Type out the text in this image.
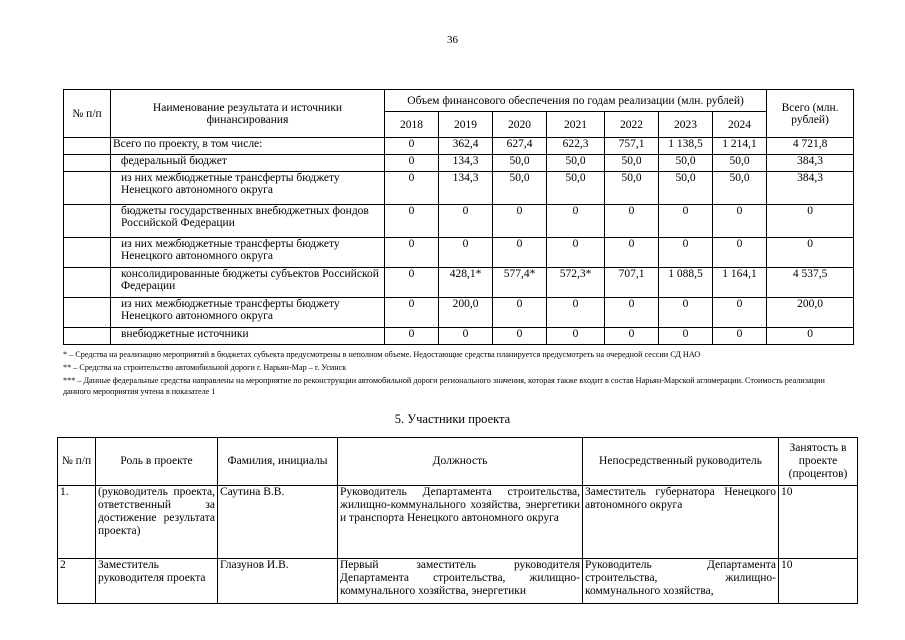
36
№ п/п	Наименование результата и источники финансирования	Объем финансового обеспечения по годам реализации (млн. рублей)							Всего (млн. рублей)
		2018	2019	2020	2021	2022	2023	2024	
	Всего по проекту, в том числе:	0	362,4	627,4	622,3	757,1	1 138,5	1 214,1	4 721,8
	федеральный бюджет	0	134,3	50,0	50,0	50,0	50,0	50,0	384,3
	из них межбюджетные трансферты бюджету Ненецкого автономного округа	0	134,3	50,0	50,0	50,0	50,0	50,0	384,3
	бюджеты государственных внебюджетных фондов Российской Федерации	0	0	0	0	0	0	0	0
	из них межбюджетные трансферты бюджету Ненецкого автономного округа	0	0	0	0	0	0	0	0
	консолидированные бюджеты субъектов Российской Федерации	0	428,1*	577,4*	572,3*	707,1	1 088,5	1 164,1	4 537,5
	из них межбюджетные трансферты бюджету Ненецкого автономного округа	0	200,0	0	0	0	0	0	200,0
	внебюджетные источники	0	0	0	0	0	0	0	0
* – Средства на реализацию мероприятий в бюджетах субъекта предусмотрены в неполном объеме. Недостающие средства планируется предусмотреть на очередной сессии СД НАО
** – Средства на строительство автомобильной дороги г. Нарьян-Мар – г. Усинск
*** – Данные федеральные средства направлены на мероприятие по реконструкции автомобильной дороги регионального значения, которая также входит в состав Нарьян-Марской агломерации. Стоимость реализации данного мероприятия учтена в показателе 1
5. Участники проекта
№ п/п	Роль в проекте	Фамилия, инициалы	Должность	Непосредственный руководитель	Занятость в проекте (процентов)
1.	(руководитель проекта, ответственный за достижение результата проекта)	Саутина В.В.	Руководитель Департамента строительства, жилищно-коммунального хозяйства, энергетики и транспорта Ненецкого автономного округа	Заместитель губернатора Ненецкого автономного округа	10
2	Заместитель руководителя проекта	Глазунов И.В.	Первый заместитель руководителя Департамента строительства, жилищно-коммунального хозяйства, энергетики	Руководитель Департамента строительства, жилищно-коммунального хозяйства,	10
